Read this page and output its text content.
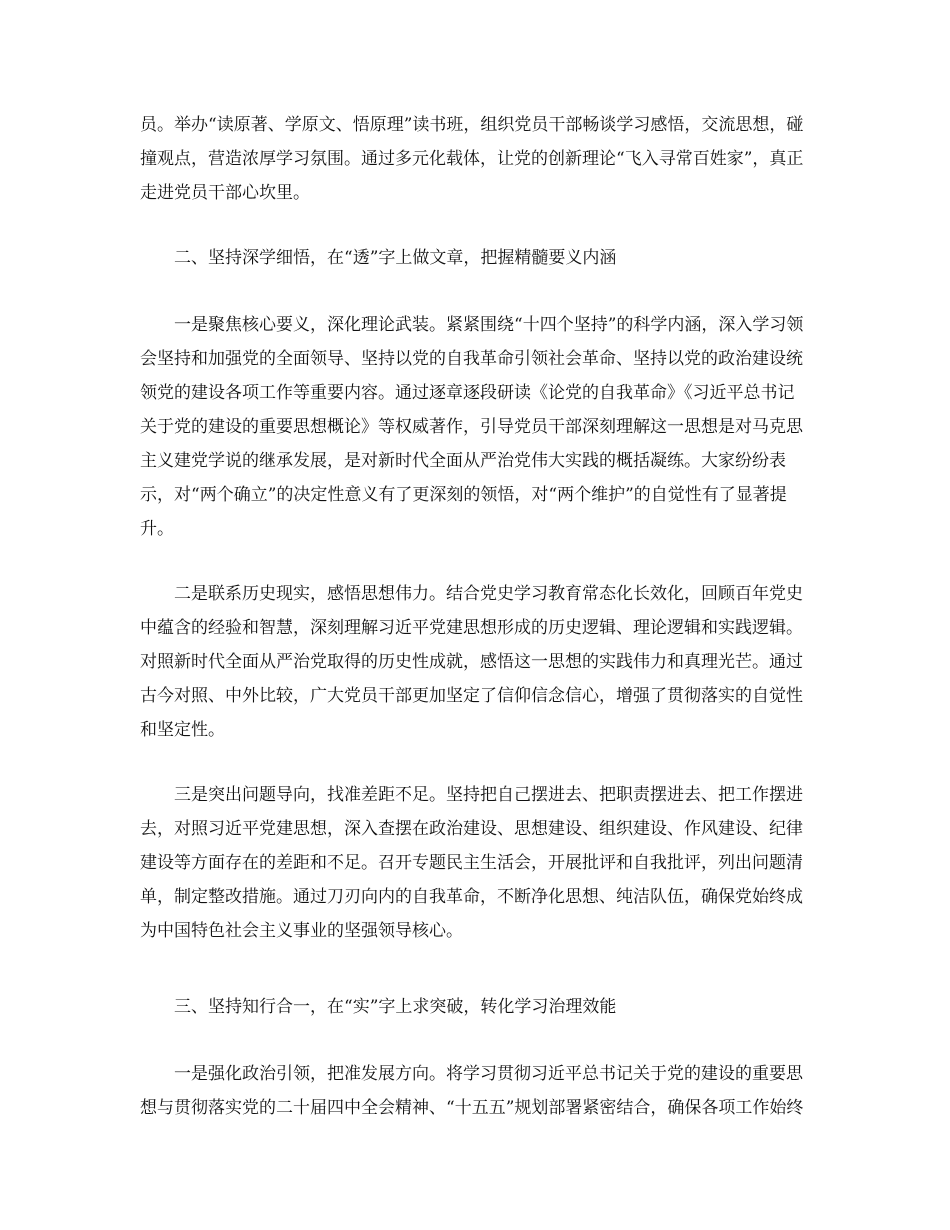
员。举办“读原著、学原文、悟原理”读书班，组织党员干部畅谈学习感悟，交流思想，碰
撞观点，营造浓厚学习氛围。通过多元化载体，让党的创新理论“飞入寻常百姓家”，真正
走进党员干部心坎里。
二、坚持深学细悟，在“透”字上做文章，把握精髓要义内涵
一是聚焦核心要义，深化理论武装。紧紧围绕“十四个坚持”的科学内涵，深入学习领
会坚持和加强党的全面领导、坚持以党的自我革命引领社会革命、坚持以党的政治建设统
领党的建设各项工作等重要内容。通过逐章逐段研读《论党的自我革命》《习近平总书记
关于党的建设的重要思想概论》等权威著作，引导党员干部深刻理解这一思想是对马克思
主义建党学说的继承发展，是对新时代全面从严治党伟大实践的概括凝练。大家纷纷表
示，对“两个确立”的决定性意义有了更深刻的领悟，对“两个维护”的自觉性有了显著提
升。
二是联系历史现实，感悟思想伟力。结合党史学习教育常态化长效化，回顾百年党史
中蕴含的经验和智慧，深刻理解习近平党建思想形成的历史逻辑、理论逻辑和实践逻辑。
对照新时代全面从严治党取得的历史性成就，感悟这一思想的实践伟力和真理光芒。通过
古今对照、中外比较，广大党员干部更加坚定了信仰信念信心，增强了贯彻落实的自觉性
和坚定性。
三是突出问题导向，找准差距不足。坚持把自己摆进去、把职责摆进去、把工作摆进
去，对照习近平党建思想，深入查摆在政治建设、思想建设、组织建设、作风建设、纪律
建设等方面存在的差距和不足。召开专题民主生活会，开展批评和自我批评，列出问题清
单，制定整改措施。通过刀刃向内的自我革命，不断净化思想、纯洁队伍，确保党始终成
为中国特色社会主义事业的坚强领导核心。
三、坚持知行合一，在“实”字上求突破，转化学习治理效能
一是强化政治引领，把准发展方向。将学习贯彻习近平总书记关于党的建设的重要思
想与贯彻落实党的二十届四中全会精神、“十五五”规划部署紧密结合，确保各项工作始终
